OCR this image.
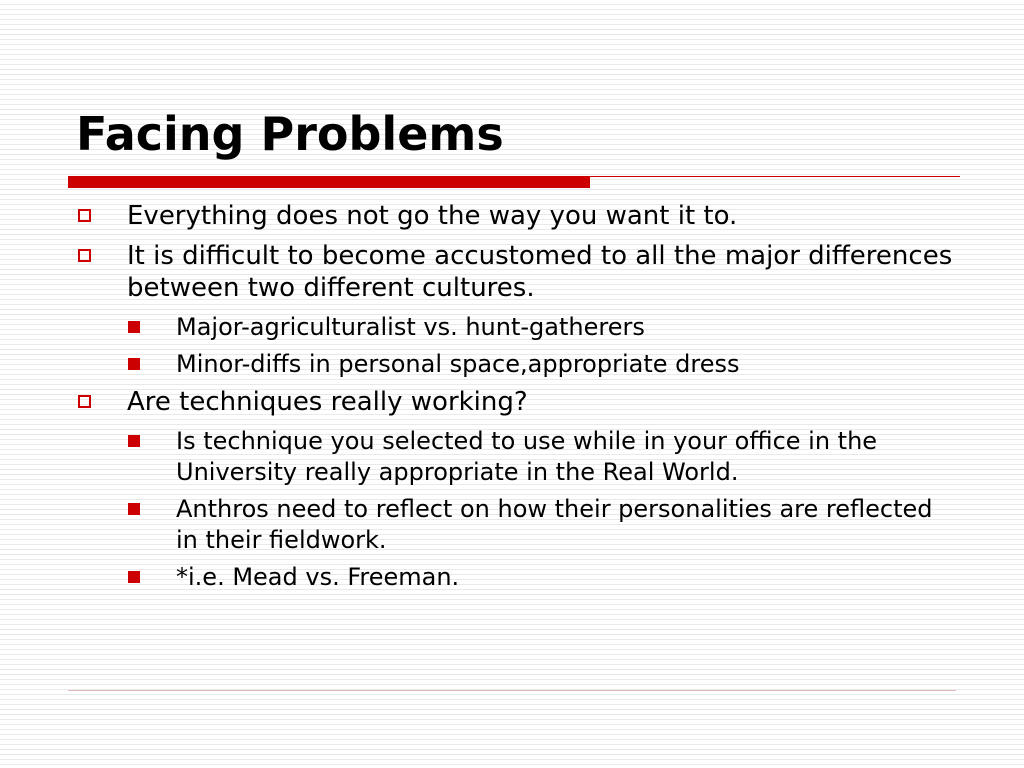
Facing Problems
Everything does not go the way you want it to.
It is difficult to become accustomed to all the major differences between two different cultures.
Major-agriculturalist vs. hunt-gatherers
Minor-diffs in personal space,appropriate dress
Are techniques really working?
Is technique you selected to use while in your office in the University really appropriate in the Real World.
Anthros need to reflect on how their personalities are reflected in their fieldwork.
*i.e. Mead vs. Freeman.
